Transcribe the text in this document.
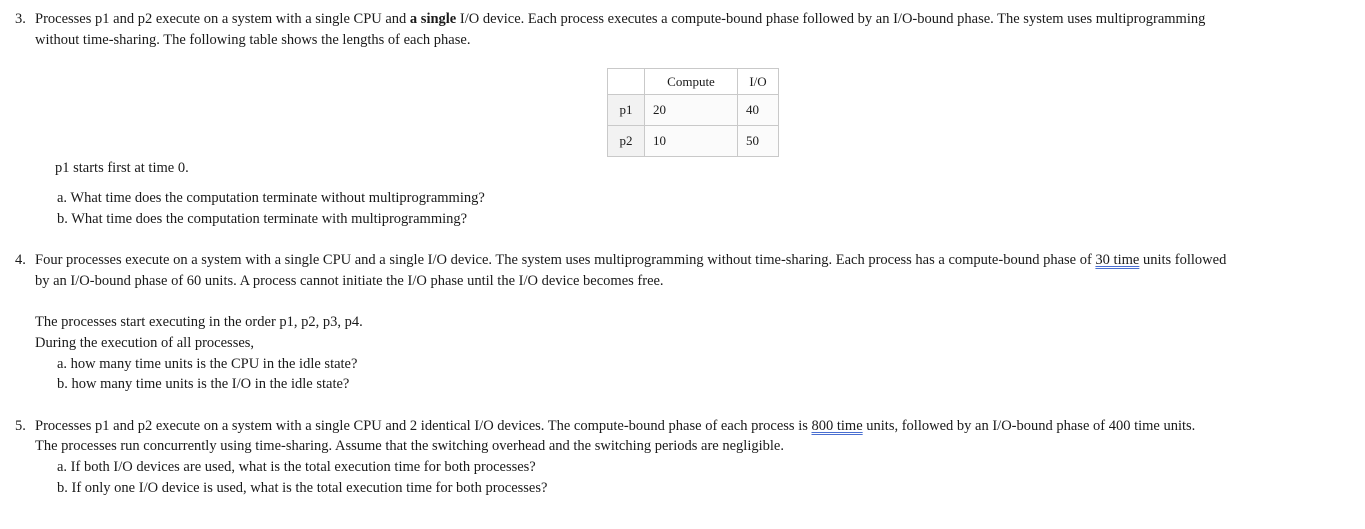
3. Processes p1 and p2 execute on a system with a single CPU and a single I/O device. Each process executes a compute-bound phase followed by an I/O-bound phase. The system uses multiprogramming
without time-sharing. The following table shows the lengths of each phase.
	Compute	I/O
p1	20	40
p2	10	50
p1 starts first at time 0.
a. What time does the computation terminate without multiprogramming?
b. What time does the computation terminate with multiprogramming?
4. Four processes execute on a system with a single CPU and a single I/O device. The system uses multiprogramming without time-sharing. Each process has a compute-bound phase of 30 time units followed
by an I/O-bound phase of 60 units. A process cannot initiate the I/O phase until the I/O device becomes free.
The processes start executing in the order p1, p2, p3, p4.
During the execution of all processes,
a. how many time units is the CPU in the idle state?
b. how many time units is the I/O in the idle state?
5. Processes p1 and p2 execute on a system with a single CPU and 2 identical I/O devices. The compute-bound phase of each process is 800 time units, followed by an I/O-bound phase of 400 time units.
The processes run concurrently using time-sharing. Assume that the switching overhead and the switching periods are negligible.
a. If both I/O devices are used, what is the total execution time for both processes?
b. If only one I/O device is used, what is the total execution time for both processes?
